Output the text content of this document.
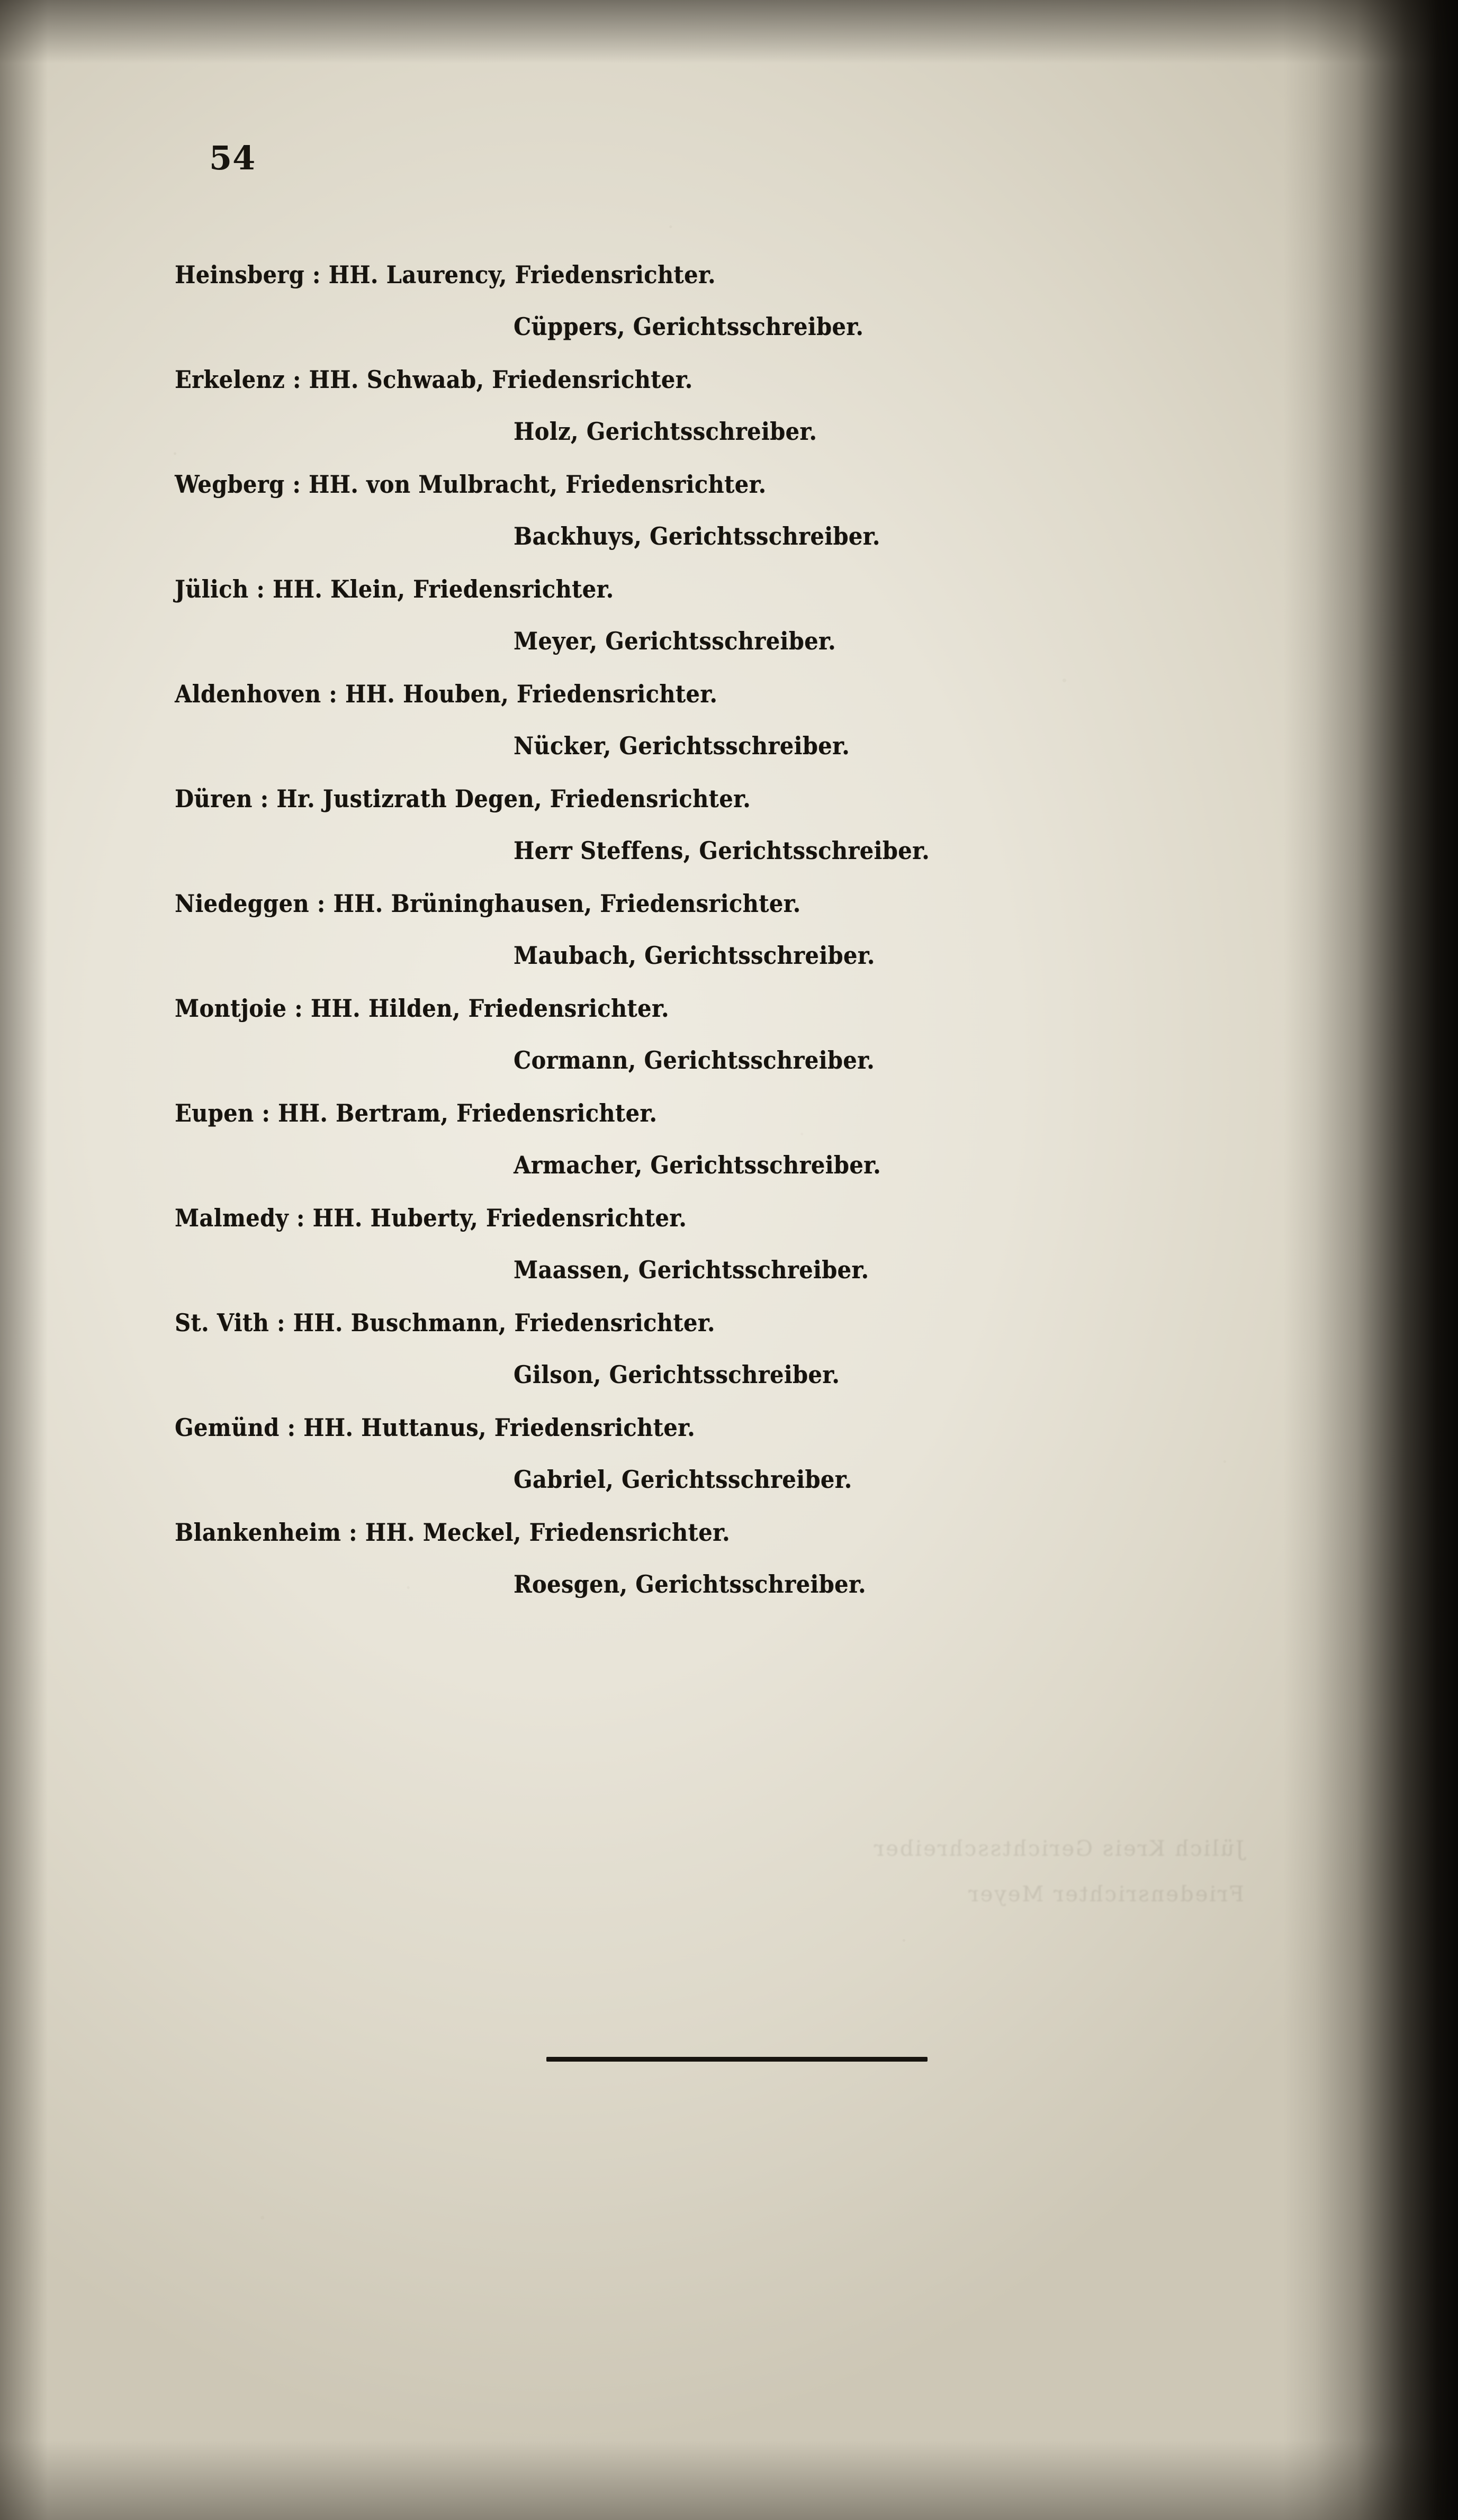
Jülich Kreis Gerichtsschreiber Friedensrichter Meyer
54
Heinsberg : HH. Laurency, Friedensrichter.
Cüppers, Gerichtsschreiber.
Erkelenz : HH. Schwaab, Friedensrichter.
Holz, Gerichtsschreiber.
Wegberg : HH. von Mulbracht, Friedensrichter.
Backhuys, Gerichtsschreiber.
Jülich : HH. Klein, Friedensrichter.
Meyer, Gerichtsschreiber.
Aldenhoven : HH. Houben, Friedensrichter.
Nücker, Gerichtsschreiber.
Düren : Hr. Justizrath Degen, Friedensrichter.
Herr Steffens, Gerichtsschreiber.
Niedeggen : HH. Brüninghausen, Friedensrichter.
Maubach, Gerichtsschreiber.
Montjoie : HH. Hilden, Friedensrichter.
Cormann, Gerichtsschreiber.
Eupen : HH. Bertram, Friedensrichter.
Armacher, Gerichtsschreiber.
Malmedy : HH. Huberty, Friedensrichter.
Maassen, Gerichtsschreiber.
St. Vith : HH. Buschmann, Friedensrichter.
Gilson, Gerichtsschreiber.
Gemünd : HH. Huttanus, Friedensrichter.
Gabriel, Gerichtsschreiber.
Blankenheim : HH. Meckel, Friedensrichter.
Roesgen, Gerichtsschreiber.
